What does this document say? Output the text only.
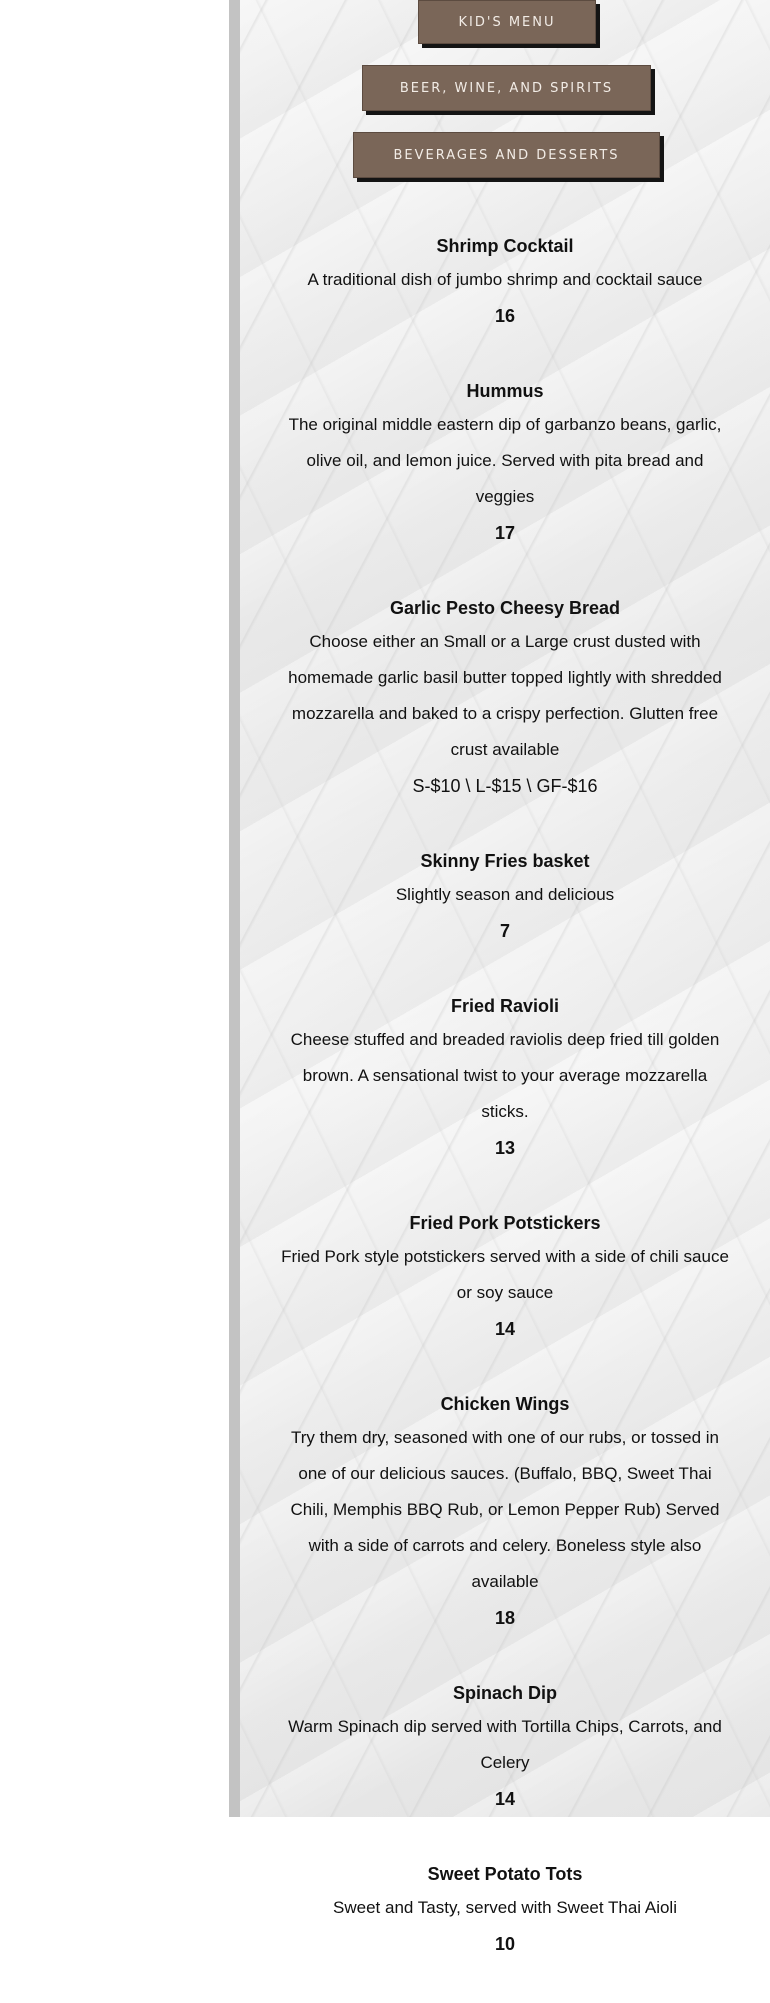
KID'S MENU
BEER, WINE, AND SPIRITS
BEVERAGES AND DESSERTS

Shrimp Cocktail

A traditional dish of jumbo shrimp and cocktail sauce

16

Hummus

The original middle eastern dip of garbanzo beans, garlic, olive oil, and lemon juice. Served with pita bread and veggies

17

Garlic Pesto Cheesy Bread

Choose either an Small or a Large crust dusted with homemade garlic basil butter topped lightly with shredded mozzarella and baked to a crispy perfection. Glutten free crust available

S-$10 \ L-$15 \ GF-$16

Skinny Fries basket

Slightly season and delicious

7

Fried Ravioli

Cheese stuffed and breaded raviolis deep fried till golden brown. A sensational twist to your average mozzarella sticks.

13

Fried Pork Potstickers

Fried Pork style potstickers served with a side of chili sauce or soy sauce

14

Chicken Wings

Try them dry, seasoned with one of our rubs, or tossed in one of our delicious sauces. (Buffalo, BBQ, Sweet Thai Chili, Memphis BBQ Rub, or Lemon Pepper Rub) Served with a side of carrots and celery. Boneless style also available

18

Spinach Dip

Warm Spinach dip served with Tortilla Chips, Carrots, and Celery

14

Sweet Potato Tots

Sweet and Tasty, served with Sweet Thai Aioli

10
